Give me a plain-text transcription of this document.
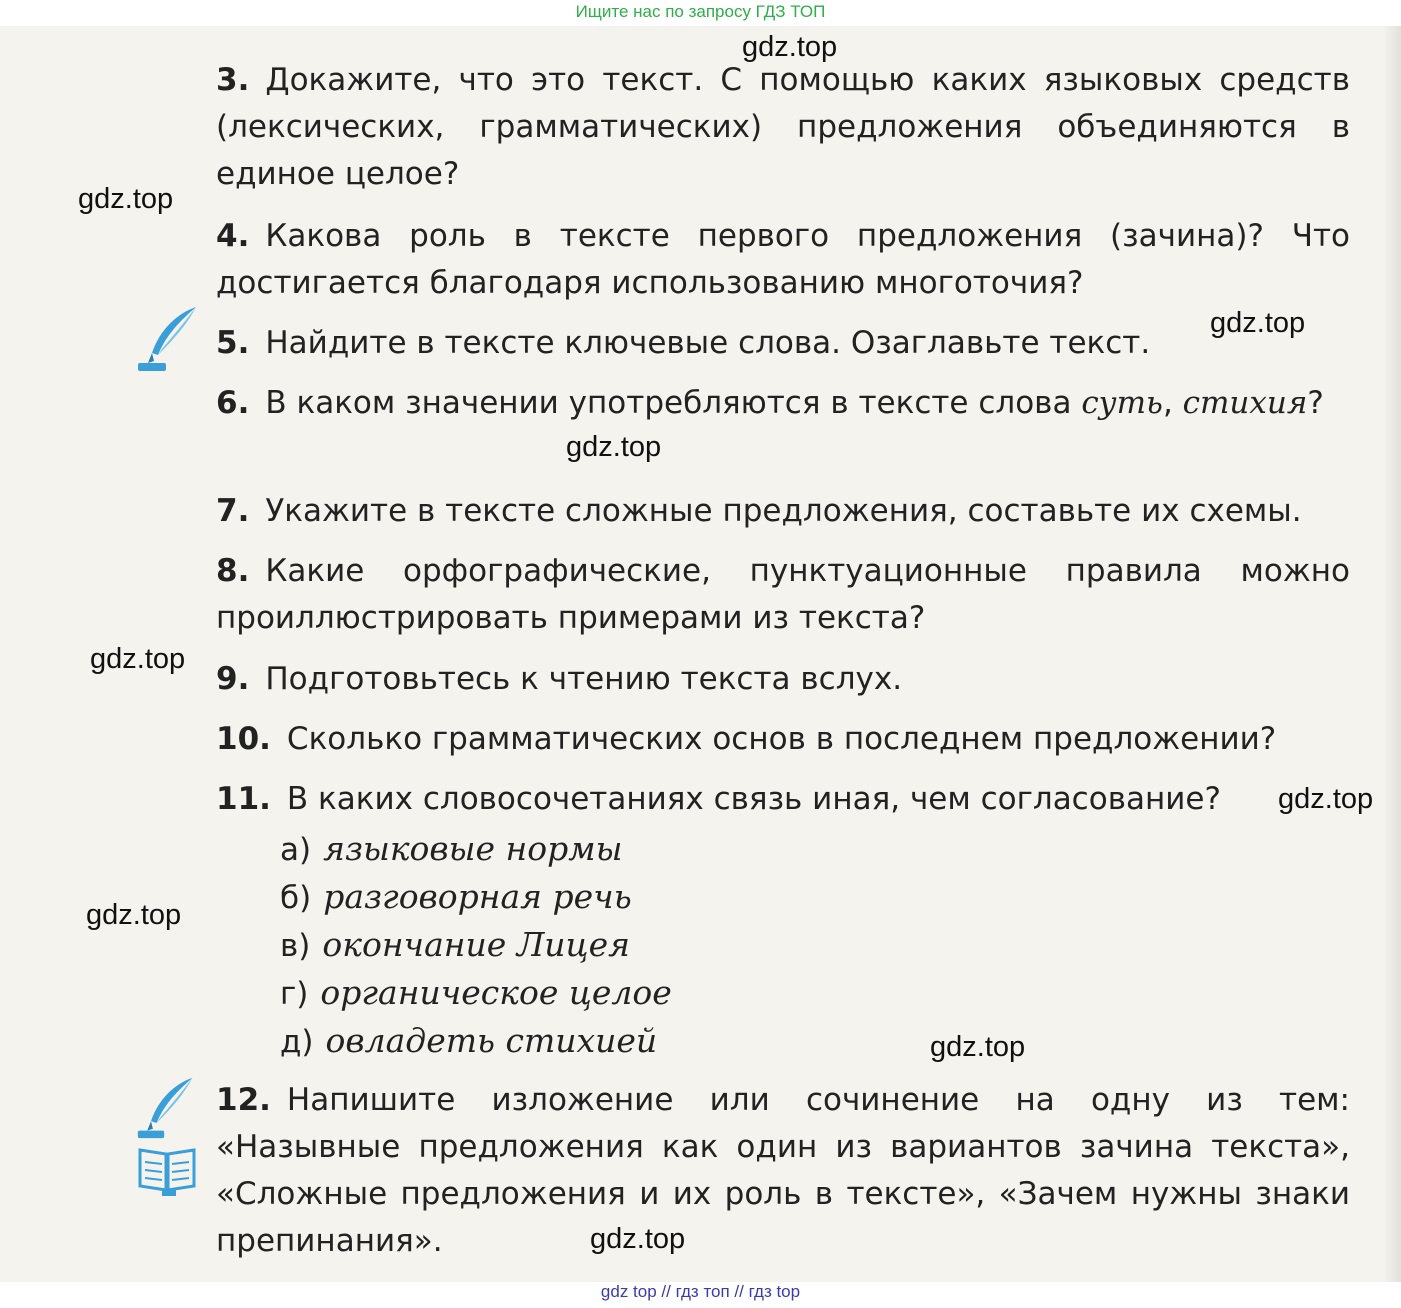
Ищите нас по запросу ГДЗ ТОП
3. Докажите, что это текст. С помощью каких языковых средств (лексических, грамматических) предложения объединяются в единое целое?
4. Какова роль в тексте первого предложения (зачина)? Что достигается благодаря использованию многоточия?
5. Найдите в тексте ключевые слова. Озаглавьте текст.
6. В каком значении употребляются в тексте слова суть, стихия?
7. Укажите в тексте сложные предложения, составьте их схемы.
8. Какие орфографические, пунктуационные правила можно проиллюстрировать примерами из текста?
9. Подготовьтесь к чтению текста вслух.
10. Сколько грамматических основ в последнем предложении?
11. В каких словосочетаниях связь иная, чем согласование?
а) языковые нормы
б) разговорная речь
в) окончание Лицея
г) органическое целое
д) овладеть стихией
12. Напишите изложение или сочинение на одну из тем: «Назывные предложения как один из вариантов зачина текста», «Сложные предложения и их роль в тексте», «Зачем нужны знаки препинания».
gdz.top
gdz.top
gdz.top
gdz.top
gdz.top
gdz.top
gdz.top
gdz.top
gdz.top
gdz top // гдз топ // гдз top
